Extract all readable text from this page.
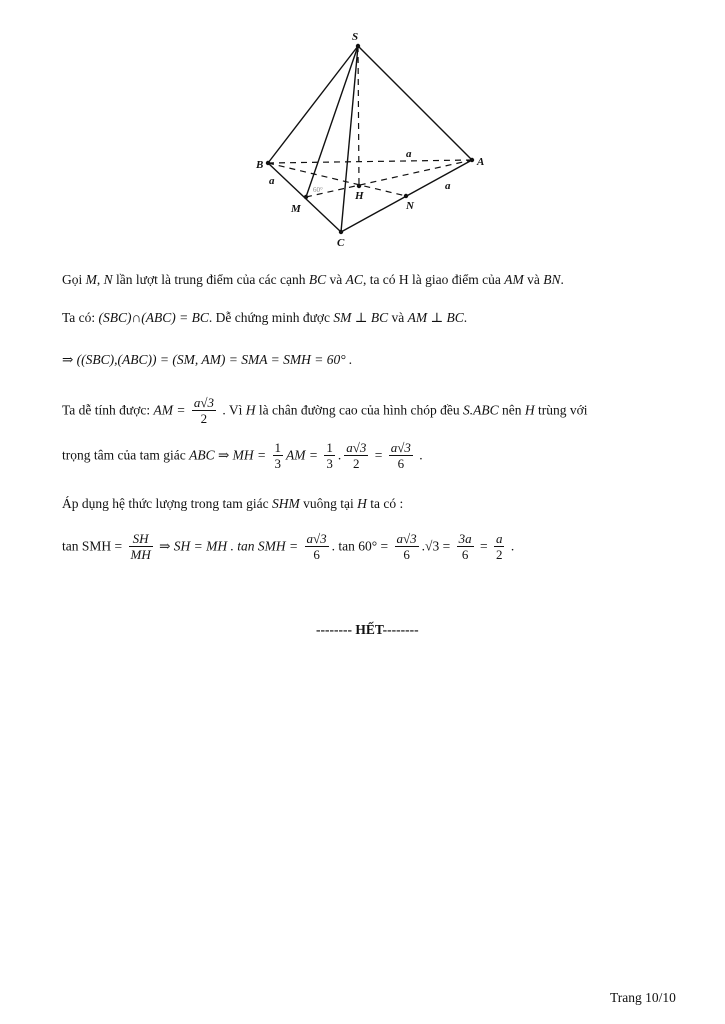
S
B	A
C
H
M	N
a
a	a
60°
Gọi M, N lần lượt là trung điểm của các cạnh BC và AC, ta có H là giao điểm của AM và BN.
Ta có: (SBC)∩(ABC) = BC. Dễ chứng minh được SM ⊥ BC và AM ⊥ BC.
⇒ ((SBC),(ABC)) = (SM, AM) = SMA = SMH = 60° .
Ta dễ tính được: AM = $\frac{a√3}{2}$ . Vì H là chân đường cao của hình chóp đều S.ABC nên H trùng với
trọng tâm của tam giác ABC ⇒ MH = $\frac{1}{3}$ AM = $\frac{1}{3}$ . $\frac{a√3}{2} = \frac{a√3}{6}$ .
Áp dụng hệ thức lượng trong tam giác SHM vuông tại H ta có :
tan SMH = $\frac{SH}{MH}$ ⇒ SH = MH . tan SMH = $\frac{a√3}{6}$ . $\tan 60^\circ = \frac{a√3}{6} .√3 = \frac{3a}{6} = \frac{a}{2}$ .
-------- HẾT--------
Trang 10/10
